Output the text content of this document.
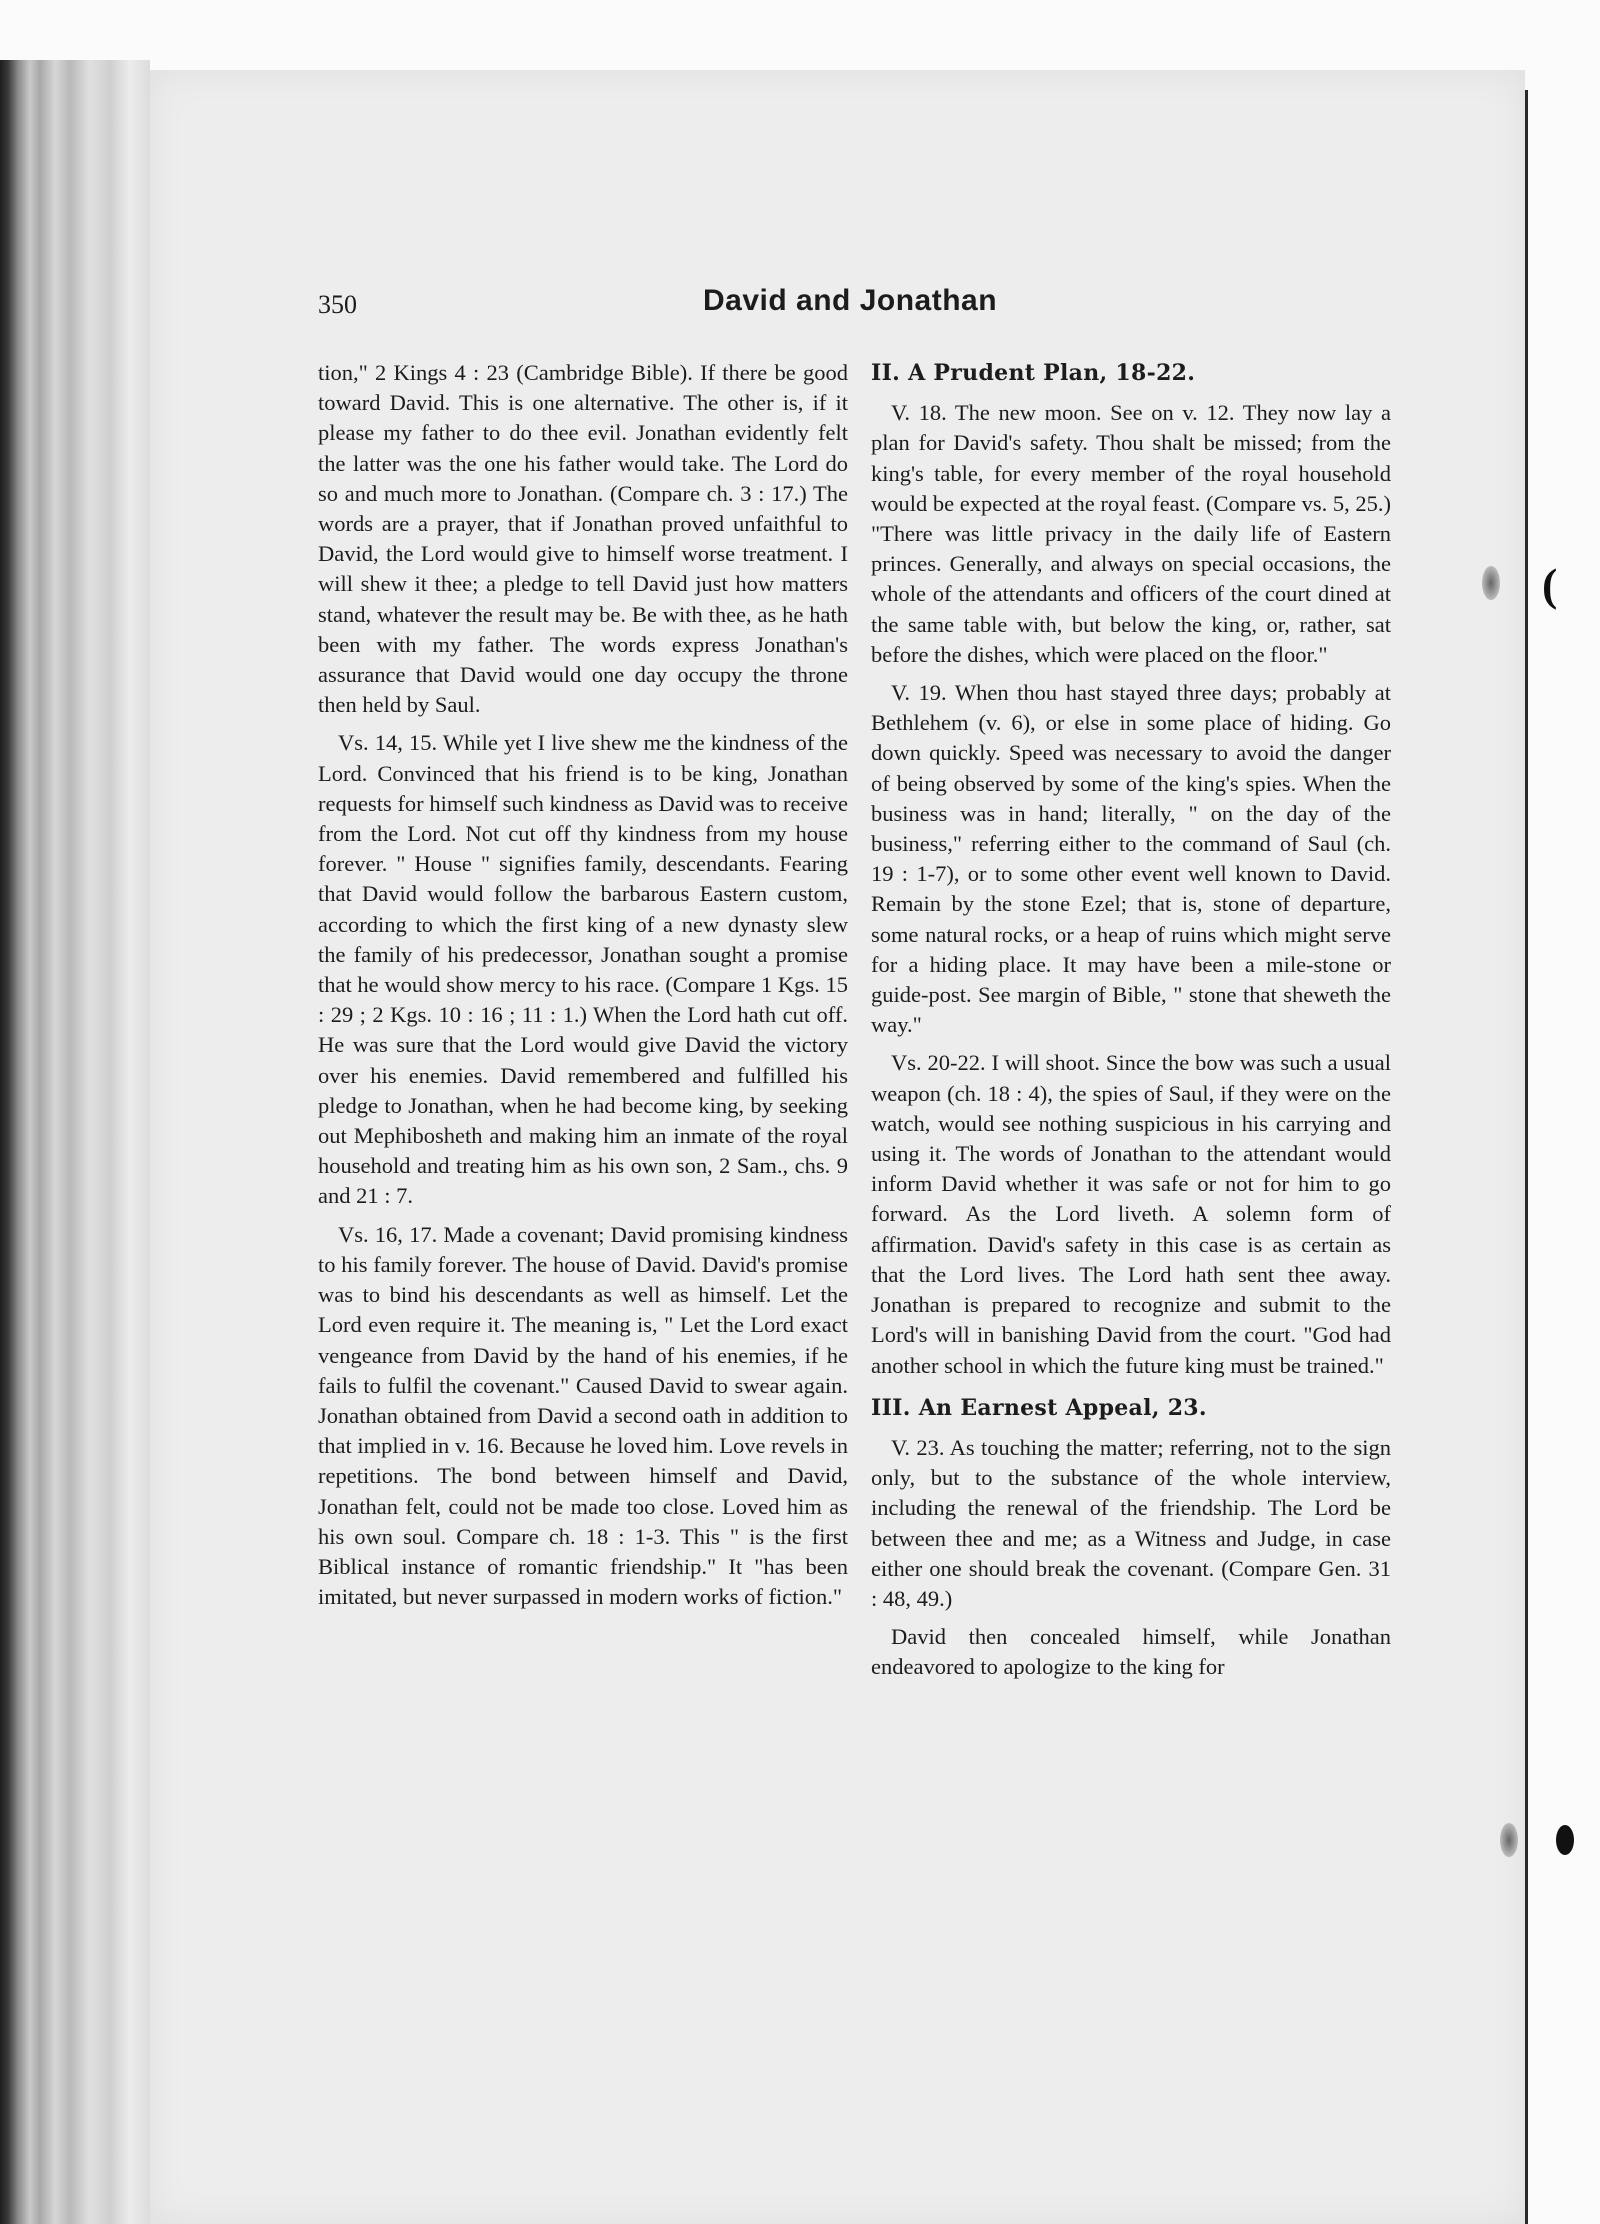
(
350	David and Jonathan

tion," 2 Kings 4 : 23 (Cambridge Bible). If there be good toward David. This is one alternative. The other is, if it please my father to do thee evil. Jonathan evidently felt the latter was the one his father would take. The Lord do so and much more to Jonathan. (Compare ch. 3 : 17.) The words are a prayer, that if Jonathan proved unfaithful to David, the Lord would give to himself worse treatment. I will shew it thee; a pledge to tell David just how matters stand, whatever the result may be. Be with thee, as he hath been with my father. The words express Jonathan's assurance that David would one day occupy the throne then held by Saul.

Vs. 14, 15. While yet I live shew me the kindness of the Lord. Convinced that his friend is to be king, Jonathan requests for himself such kindness as David was to receive from the Lord. Not cut off thy kindness from my house forever. " House " signifies family, descendants. Fearing that David would follow the barbarous Eastern custom, according to which the first king of a new dynasty slew the family of his predecessor, Jonathan sought a promise that he would show mercy to his race. (Compare 1 Kgs. 15 : 29 ; 2 Kgs. 10 : 16 ; 11 : 1.) When the Lord hath cut off. He was sure that the Lord would give David the victory over his enemies. David remembered and fulfilled his pledge to Jonathan, when he had become king, by seeking out Mephibosheth and making him an inmate of the royal household and treating him as his own son, 2 Sam., chs. 9 and 21 : 7.

Vs. 16, 17. Made a covenant; David promising kindness to his family forever. The house of David. David's promise was to bind his descendants as well as himself. Let the Lord even require it. The meaning is, " Let the Lord exact vengeance from David by the hand of his enemies, if he fails to fulfil the covenant." Caused David to swear again. Jonathan obtained from David a second oath in addition to that implied in v. 16. Because he loved him. Love revels in repetitions. The bond between himself and David, Jonathan felt, could not be made too close. Loved him as his own soul. Compare ch. 18 : 1-3. This " is the first Biblical instance of romantic friendship." It "has been imitated, but never surpassed in modern works of fiction."

II. A Prudent Plan, 18-22.

V. 18. The new moon. See on v. 12. They now lay a plan for David's safety. Thou shalt be missed; from the king's table, for every member of the royal household would be expected at the royal feast. (Compare vs. 5, 25.) "There was little privacy in the daily life of Eastern princes. Generally, and always on special occasions, the whole of the attendants and officers of the court dined at the same table with, but below the king, or, rather, sat before the dishes, which were placed on the floor."

V. 19. When thou hast stayed three days; probably at Bethlehem (v. 6), or else in some place of hiding. Go down quickly. Speed was necessary to avoid the danger of being observed by some of the king's spies. When the business was in hand; literally, " on the day of the business," referring either to the command of Saul (ch. 19 : 1-7), or to some other event well known to David. Remain by the stone Ezel; that is, stone of departure, some natural rocks, or a heap of ruins which might serve for a hiding place. It may have been a mile-stone or guide-post. See margin of Bible, " stone that sheweth the way."

Vs. 20-22. I will shoot. Since the bow was such a usual weapon (ch. 18 : 4), the spies of Saul, if they were on the watch, would see nothing suspicious in his carrying and using it. The words of Jonathan to the attendant would inform David whether it was safe or not for him to go forward. As the Lord liveth. A solemn form of affirmation. David's safety in this case is as certain as that the Lord lives. The Lord hath sent thee away. Jonathan is prepared to recognize and submit to the Lord's will in banishing David from the court. "God had another school in which the future king must be trained."

III. An Earnest Appeal, 23.

V. 23. As touching the matter; referring, not to the sign only, but to the substance of the whole interview, including the renewal of the friendship. The Lord be between thee and me; as a Witness and Judge, in case either one should break the covenant. (Compare Gen. 31 : 48, 49.)

David then concealed himself, while Jonathan endeavored to apologize to the king for
